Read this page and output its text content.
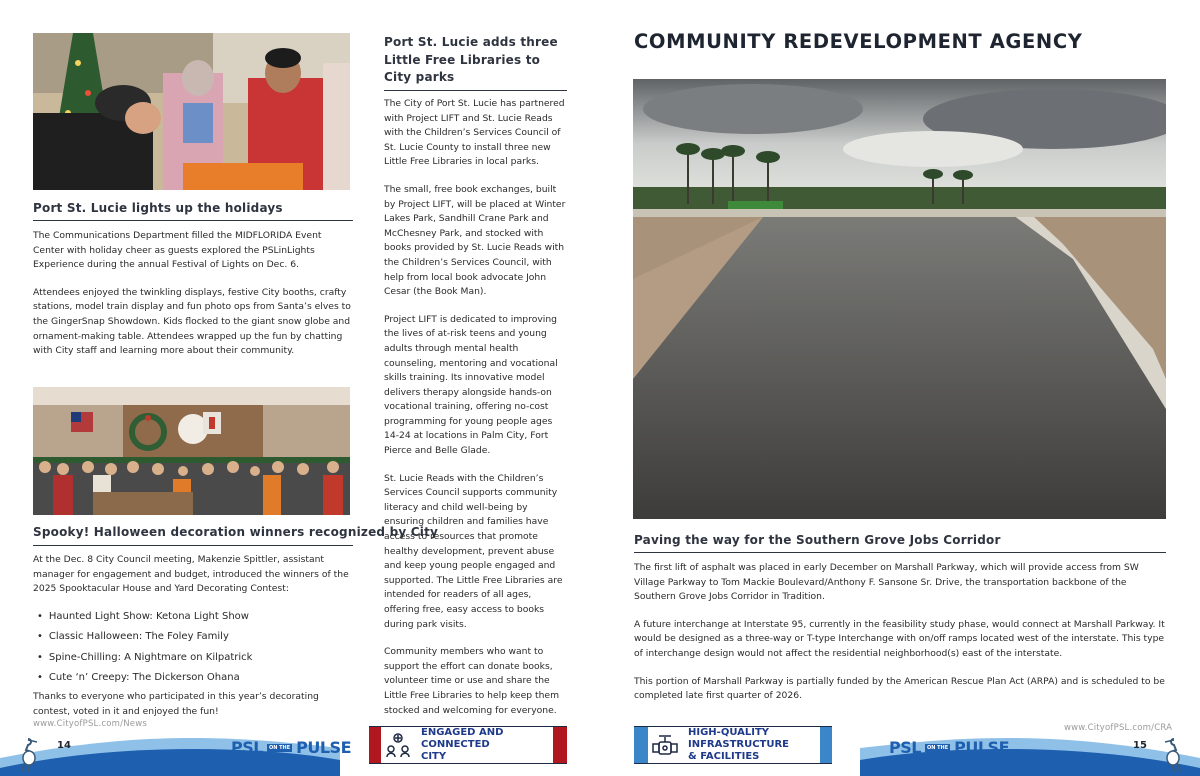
Port St. Lucie lights up the holidays

The Communications Department filled the MIDFLORIDA Event Center with holiday cheer as guests explored the PSLinLights Experience during the annual Festival of Lights on Dec. 6.

Attendees enjoyed the twinkling displays, festive City booths, crafty stations, model train display and fun photo ops from Santa’s elves to the GingerSnap Showdown. Kids flocked to the giant snow globe and ornament-making table. Attendees wrapped up the fun by chatting with City staff and learning more about their community.

Spooky! Halloween decoration winners recognized by City
At the Dec. 8 City Council meeting, Makenzie Spittler, assistant manager for engagement and budget, introduced the winners of the 2025 Spooktacular House and Yard Decorating Contest:
• Haunted Light Show: Ketona Light Show
• Classic Halloween: The Foley Family
• Spine-Chilling: A Nightmare on Kilpatrick
• Cute ‘n’ Creepy: The Dickerson Ohana
Thanks to everyone who participated in this year’s decorating contest, voted in it and enjoyed the fun!
Port St. Lucie adds three
Little Free Libraries to
City parks

The City of Port St. Lucie has partnered with Project LIFT and St. Lucie Reads with the Children’s Services Council of St. Lucie County to install three new Little Free Libraries in local parks.

The small, free book exchanges, built by Project LIFT, will be placed at Winter Lakes Park, Sandhill Crane Park and McChesney Park, and stocked with books provided by St. Lucie Reads with the Children’s Services Council, with help from local book advocate John Cesar (the Book Man).

Project LIFT is dedicated to improving the lives of at-risk teens and young adults through mental health counseling, mentoring and vocational skills training. Its innovative model delivers therapy alongside hands-on vocational training, offering no-cost programming for young people ages 14-24 at locations in Palm City, Fort Pierce and Belle Glade.

St. Lucie Reads with the Children’s Services Council supports community literacy and child well-being by ensuring children and families have access to resources that promote healthy development, prevent abuse and keep young people engaged and supported. The Little Free Libraries are intended for readers of all ages, offering free, easy access to books during park visits.

Community members who want to support the effort can donate books, volunteer time or use and share the Little Free Libraries to help keep them stocked and welcoming for everyone.

www.CityofPSL.com/News
COMMUNITY REDEVELOPMENT AGENCY
Paving the way for the Southern Grove Jobs Corridor

The first lift of asphalt was placed in early December on Marshall Parkway, which will provide access from SW Village Parkway to Tom Mackie Boulevard/Anthony F. Sansone Sr. Drive, the transportation backbone of the Southern Grove Jobs Corridor in Tradition.

A future interchange at Interstate 95, currently in the feasibility study phase, would connect at Marshall Parkway. It would be designed as a three-way or T-type Interchange with on/off ramps located west of the interstate. This type of interchange design would not affect the residential neighborhood(s) east of the interstate.

This portion of Marshall Parkway is partially funded by the American Rescue Plan Act (ARPA) and is scheduled to be completed late first quarter of 2026.

www.CityofPSL.com/CRA
14	15
PSL	ON THE PULSE	PSL	ON THE PULSE
ENGAGED AND
CONNECTED
CITY
HIGH-QUALITY
INFRASTRUCTURE
& FACILITIES
